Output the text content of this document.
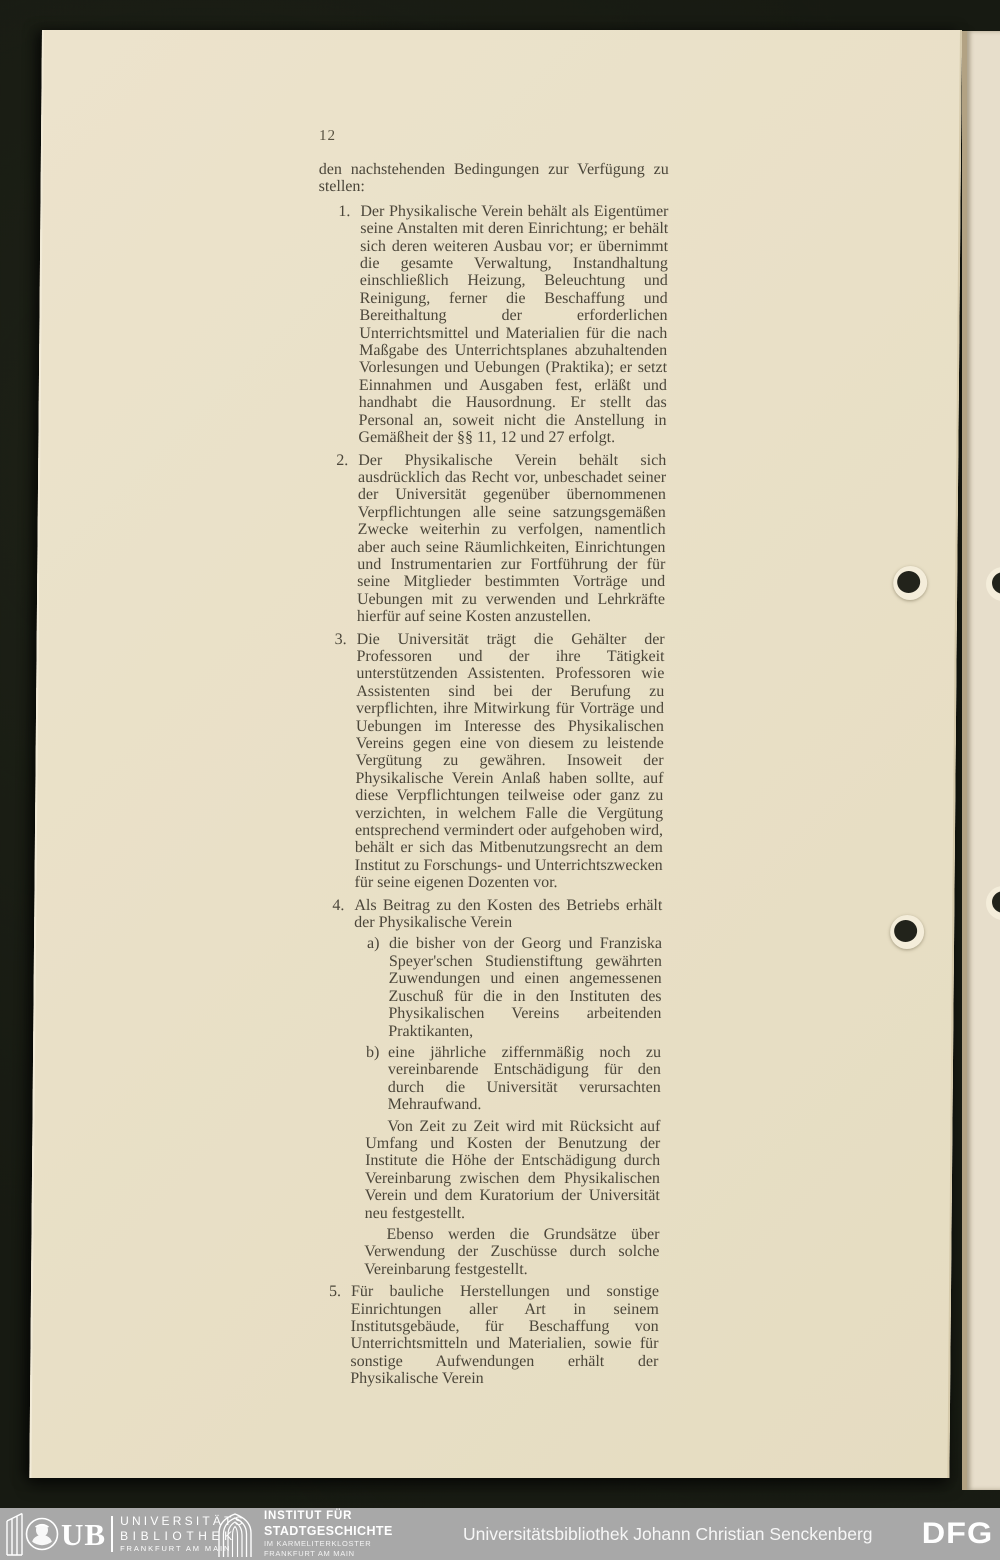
12

den nachstehenden Bedingungen zur Verfügung zu stellen:

1. Der Physikalische Verein behält als Eigentümer seine Anstalten mit deren Einrichtung; er behält sich deren weiteren Ausbau vor; er übernimmt die gesamte Verwaltung, Instandhaltung einschließlich Heizung, Beleuchtung und Reinigung, ferner die Beschaffung und Bereithaltung der erforderlichen Unterrichtsmittel und Materialien für die nach Maßgabe des Unterrichtsplanes abzuhaltenden Vorlesungen und Uebungen (Praktika); er setzt Einnahmen und Ausgaben fest, erläßt und handhabt die Hausordnung. Er stellt das Personal an, soweit nicht die Anstellung in Gemäßheit der §§ 11, 12 und 27 erfolgt.

2. Der Physikalische Verein behält sich ausdrücklich das Recht vor, unbeschadet seiner der Universität gegenüber übernommenen Verpflichtungen alle seine satzungsgemäßen Zwecke weiterhin zu verfolgen, namentlich aber auch seine Räumlichkeiten, Einrichtungen und Instrumentarien zur Fortführung der für seine Mitglieder bestimmten Vorträge und Uebungen mit zu verwenden und Lehrkräfte hierfür auf seine Kosten anzustellen.

3. Die Universität trägt die Gehälter der Professoren und der ihre Tätigkeit unterstützenden Assistenten. Professoren wie Assistenten sind bei der Berufung zu verpflichten, ihre Mitwirkung für Vorträge und Uebungen im Interesse des Physikalischen Vereins gegen eine von diesem zu leistende Vergütung zu gewähren. Insoweit der Physikalische Verein Anlaß haben sollte, auf diese Verpflichtungen teilweise oder ganz zu verzichten, in welchem Falle die Vergütung entsprechend vermindert oder aufgehoben wird, behält er sich das Mitbenutzungsrecht an dem Institut zu Forschungs- und Unterrichtszwecken für seine eigenen Dozenten vor.

4. Als Beitrag zu den Kosten des Betriebs erhält der Physikalische Verein

a) die bisher von der Georg und Franziska Speyer'schen Studienstiftung gewährten Zuwendungen und einen angemessenen Zuschuß für die in den Instituten des Physikalischen Vereins arbeitenden Praktikanten,

b) eine jährliche ziffernmäßig noch zu vereinbarende Entschädigung für den durch die Universität verursachten Mehraufwand.

Von Zeit zu Zeit wird mit Rücksicht auf Umfang und Kosten der Benutzung der Institute die Höhe der Entschädigung durch Vereinbarung zwischen dem Physikalischen Verein und dem Kuratorium der Universität neu festgestellt.

Ebenso werden die Grundsätze über Verwendung der Zuschüsse durch solche Vereinbarung festgestellt.

5. Für bauliche Herstellungen und sonstige Einrichtungen aller Art in seinem Institutsgebäude, für Beschaffung von Unterrichtsmitteln und Materialien, sowie für sonstige Aufwendungen erhält der Physikalische Verein

UB UNIVERSITÄTS
BIBLIOTHEK
FRANKFURT AM MAIN
INSTITUT FÜR
STADTGESCHICHTE
IM KARMELITERKLOSTER
FRANKFURT AM MAIN
Universitätsbibliothek Johann Christian Senckenberg DFG
